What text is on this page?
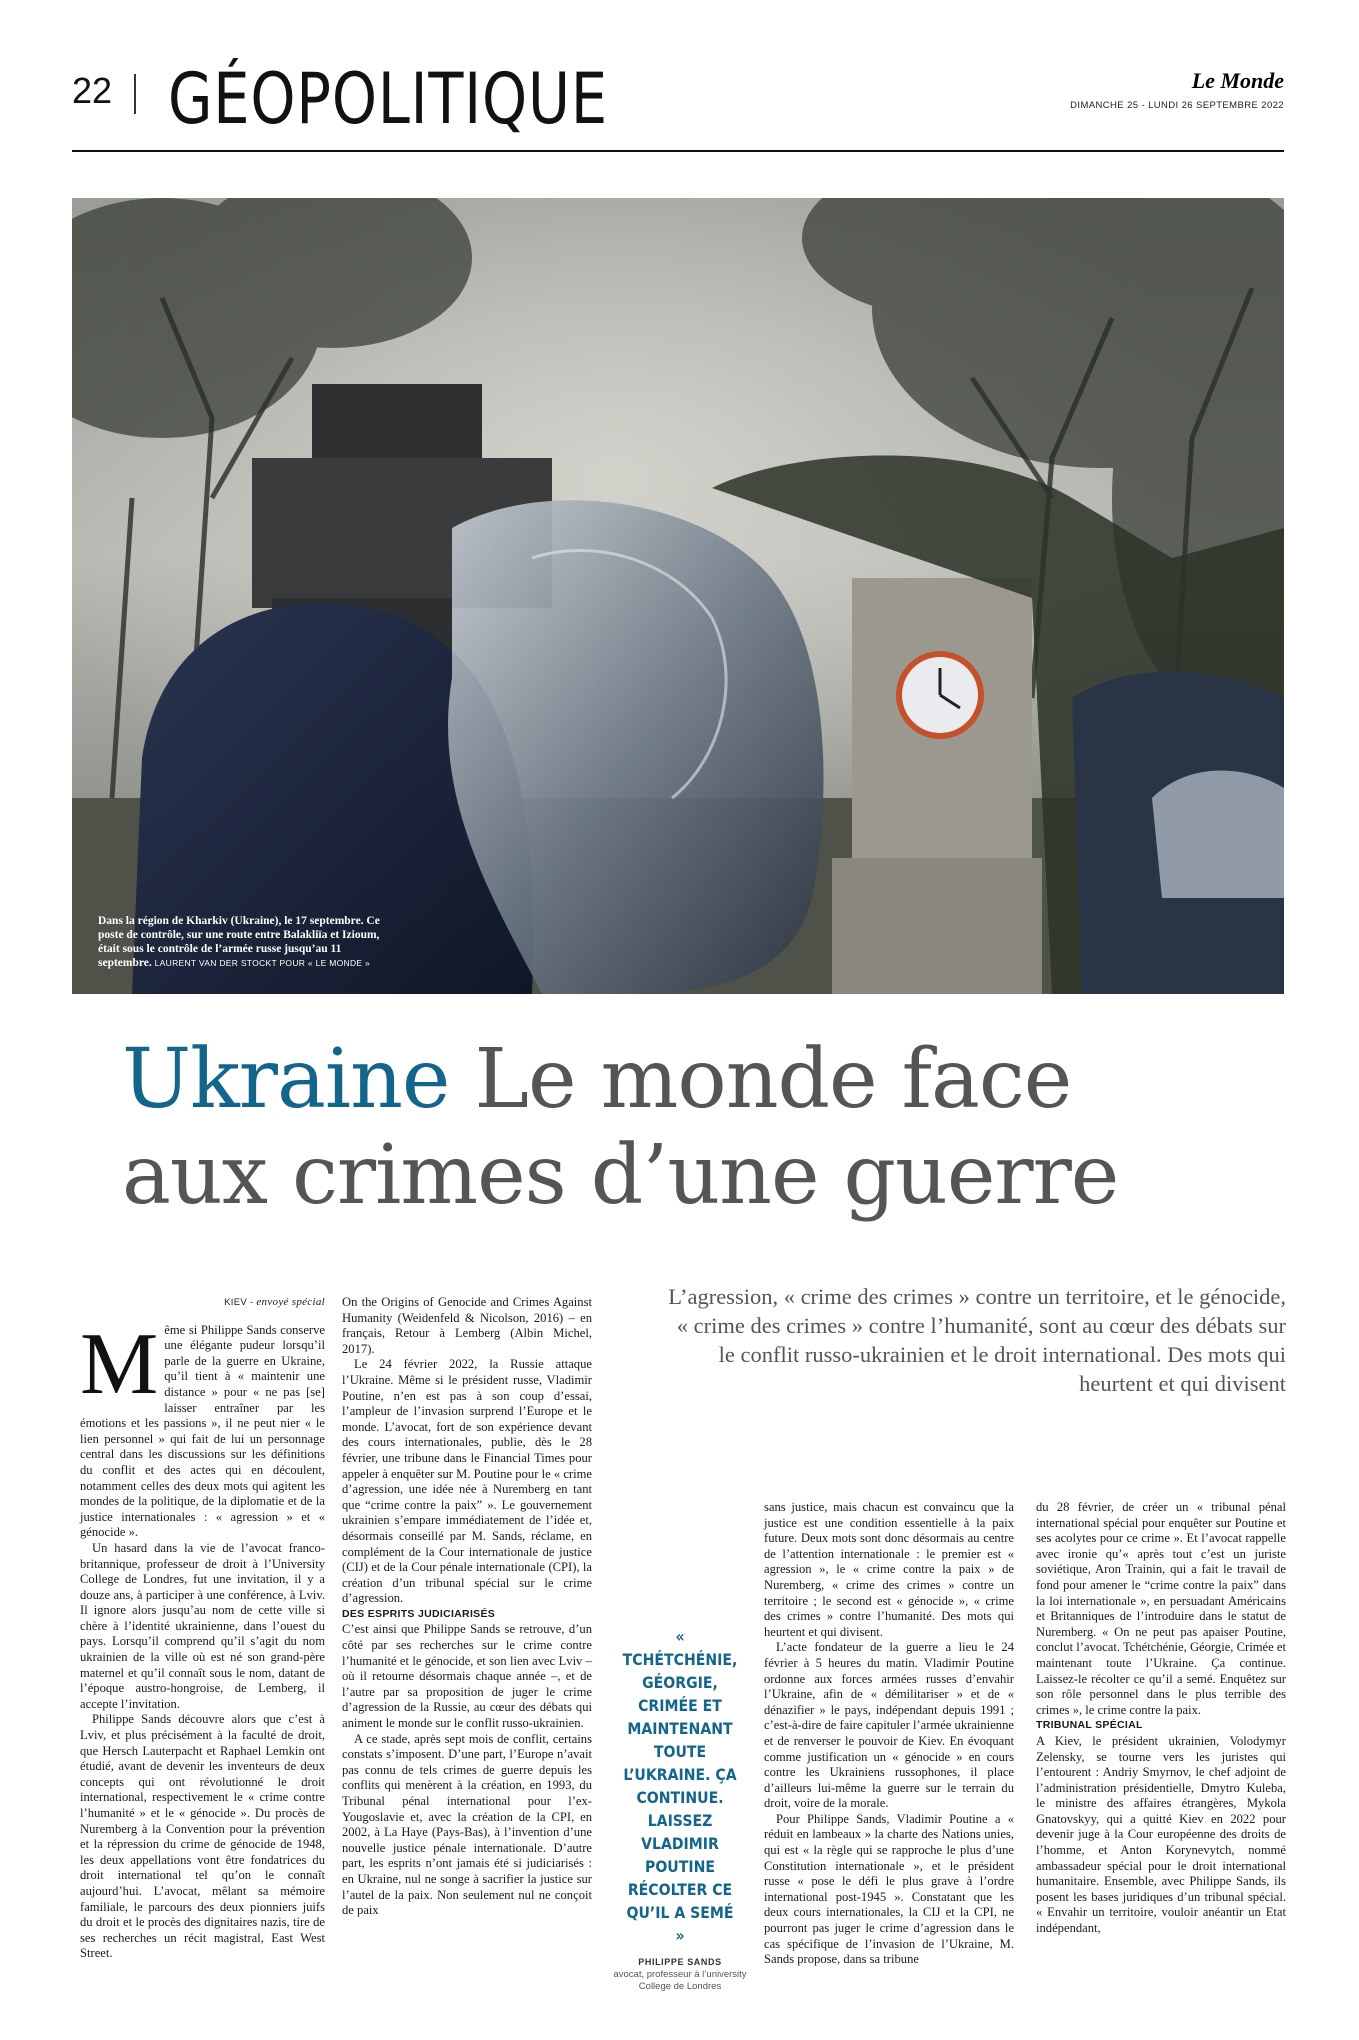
22 GÉOPOLITIQUE	Le Monde
DIMANCHE 25 - LUNDI 26 SEPTEMBRE 2022
Dans la région de Kharkiv (Ukraine), le 17 septembre. Ce poste de contrôle, sur une route entre Balakliïa et Izioum, était sous le contrôle de l’armée russe jusqu’au 11 septembre. LAURENT VAN DER STOCKT POUR « LE MONDE »
Ukraine Le monde face
aux crimes d’une guerre
L’agression, « crime des crimes » contre un territoire, et le génocide, « crime des crimes » contre l’humanité, sont au cœur des débats sur le conflit russo-ukrainien et le droit international. Des mots qui heurtent et qui divisent
KIEV - envoyé spécial

Même si Philippe Sands conserve une élégante pudeur lorsqu’il parle de la guerre en Ukraine, qu’il tient à « maintenir une distance » pour « ne pas [se] laisser entraîner par les émotions et les passions », il ne peut nier « le lien personnel » qui fait de lui un personnage central dans les discussions sur les définitions du conflit et des actes qui en découlent, notamment celles des deux mots qui agitent les mondes de la politique, de la diplomatie et de la justice internationales : « agression » et « génocide ».

Un hasard dans la vie de l’avocat franco-britannique, professeur de droit à l’University College de Londres, fut une invitation, il y a douze ans, à participer à une conférence, à Lviv. Il ignore alors jusqu’au nom de cette ville si chère à l’identité ukrainienne, dans l’ouest du pays. Lorsqu’il comprend qu’il s’agit du nom ukrainien de la ville où est né son grand-père maternel et qu’il connaît sous le nom, datant de l’époque austro-hongroise, de Lemberg, il accepte l’invitation.

Philippe Sands découvre alors que c’est à Lviv, et plus précisément à la faculté de droit, que Hersch Lauterpacht et Raphael Lemkin ont étudié, avant de devenir les inventeurs de deux concepts qui ont révolutionné le droit international, respectivement le « crime contre l’humanité » et le « génocide ». Du procès de Nuremberg à la Convention pour la prévention et la répression du crime de génocide de 1948, les deux appellations vont être fondatrices du droit international tel qu’on le connaît aujourd’hui. L’avocat, mêlant sa mémoire familiale, le parcours des deux pionniers juifs du droit et le procès des dignitaires nazis, tire de ses recherches un récit magistral, East West Street.

On the Origins of Genocide and Crimes Against Humanity (Weidenfeld & Nicolson, 2016) – en français, Retour à Lemberg (Albin Michel, 2017).

Le 24 février 2022, la Russie attaque l’Ukraine. Même si le président russe, Vladimir Poutine, n’en est pas à son coup d’essai, l’ampleur de l’invasion surprend l’Europe et le monde. L’avocat, fort de son expérience devant des cours internationales, publie, dès le 28 février, une tribune dans le Financial Times pour appeler à enquêter sur M. Poutine pour le « crime d’agression, une idée née à Nuremberg en tant que “crime contre la paix” ». Le gouvernement ukrainien s’empare immédiatement de l’idée et, désormais conseillé par M. Sands, réclame, en complément de la Cour internationale de justice (CIJ) et de la Cour pénale internationale (CPI), la création d’un tribunal spécial sur le crime d’agression.

DES ESPRITS JUDICIARISÉS

C’est ainsi que Philippe Sands se retrouve, d’un côté par ses recherches sur le crime contre l’humanité et le génocide, et son lien avec Lviv – où il retourne désormais chaque année –, et de l’autre par sa proposition de juger le crime d’agression de la Russie, au cœur des débats qui animent le monde sur le conflit russo-ukrainien.

A ce stade, après sept mois de conflit, certains constats s’imposent. D’une part, l’Europe n’avait pas connu de tels crimes de guerre depuis les conflits qui menèrent à la création, en 1993, du Tribunal pénal international pour l’ex-Yougoslavie et, avec la création de la CPI, en 2002, à La Haye (Pays-Bas), à l’invention d’une nouvelle justice pénale internationale. D’autre part, les esprits n’ont jamais été si judiciarisés : en Ukraine, nul ne songe à sacrifier la justice sur l’autel de la paix. Non seulement nul ne conçoit de paix

« TCHÉTCHÉNIE, GÉORGIE, CRIMÉE ET MAINTENANT TOUTE L’UKRAINE. ÇA CONTINUE. LAISSEZ VLADIMIR POUTINE RÉCOLTER CE QU’IL A SEMÉ »
PHILIPPE SANDS
avocat, professeur à l’university College de Londres

sans justice, mais chacun est convaincu que la justice est une condition essentielle à la paix future. Deux mots sont donc désormais au centre de l’attention internationale : le premier est « agression », le « crime contre la paix » de Nuremberg, « crime des crimes » contre un territoire ; le second est « génocide », « crime des crimes » contre l’humanité. Des mots qui heurtent et qui divisent.

L’acte fondateur de la guerre a lieu le 24 février à 5 heures du matin. Vladimir Poutine ordonne aux forces armées russes d’envahir l’Ukraine, afin de « démilitariser » et de « dénazifier » le pays, indépendant depuis 1991 ; c’est-à-dire de faire capituler l’armée ukrainienne et de renverser le pouvoir de Kiev. En évoquant comme justification un « génocide » en cours contre les Ukrainiens russophones, il place d’ailleurs lui-même la guerre sur le terrain du droit, voire de la morale.

Pour Philippe Sands, Vladimir Poutine a « réduit en lambeaux » la charte des Nations unies, qui est « la règle qui se rapproche le plus d’une Constitution internationale », et le président russe « pose le défi le plus grave à l’ordre international post-1945 ». Constatant que les deux cours internationales, la CIJ et la CPI, ne pourront pas juger le crime d’agression dans le cas spécifique de l’invasion de l’Ukraine, M. Sands propose, dans sa tribune

du 28 février, de créer un « tribunal pénal international spécial pour enquêter sur Poutine et ses acolytes pour ce crime ». Et l’avocat rappelle avec ironie qu’« après tout c’est un juriste soviétique, Aron Trainin, qui a fait le travail de fond pour amener le “crime contre la paix” dans la loi internationale », en persuadant Américains et Britanniques de l’introduire dans le statut de Nuremberg. « On ne peut pas apaiser Poutine, conclut l’avocat. Tchétchénie, Géorgie, Crimée et maintenant toute l’Ukraine. Ça continue. Laissez-le récolter ce qu’il a semé. Enquêtez sur son rôle personnel dans le plus terrible des crimes », le crime contre la paix.

TRIBUNAL SPÉCIAL

A Kiev, le président ukrainien, Volodymyr Zelensky, se tourne vers les juristes qui l’entourent : Andriy Smyrnov, le chef adjoint de l’administration présidentielle, Dmytro Kuleba, le ministre des affaires étrangères, Mykola Gnatovskyy, qui a quitté Kiev en 2022 pour devenir juge à la Cour européenne des droits de l’homme, et Anton Korynevytch, nommé ambassadeur spécial pour le droit international humanitaire. Ensemble, avec Philippe Sands, ils posent les bases juridiques d’un tribunal spécial. « Envahir un territoire, vouloir anéantir un Etat indépendant,
